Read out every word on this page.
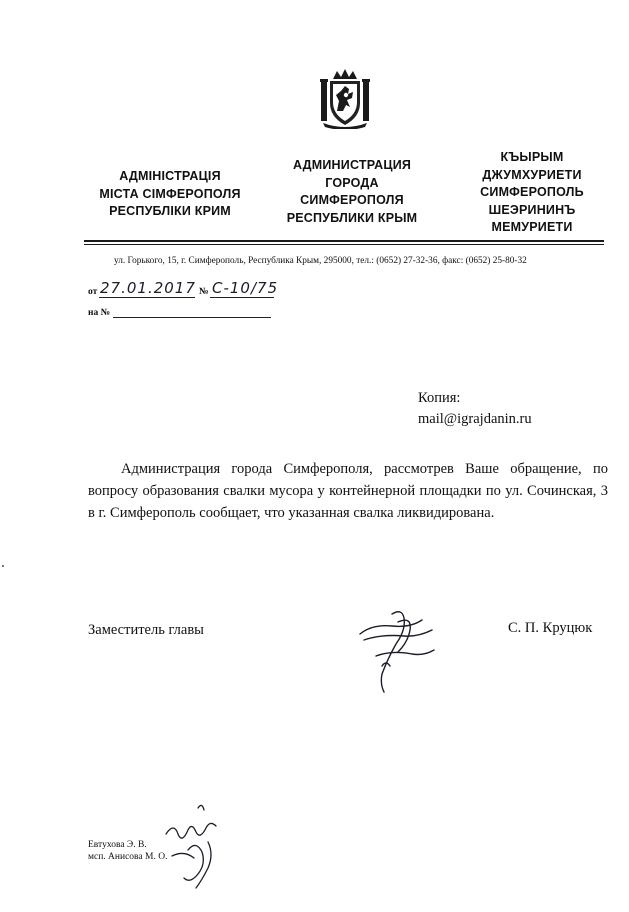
АДМІНІСТРАЦІЯ
МІСТА СІМФЕРОПОЛЯ
РЕСПУБЛІКИ КРИМ
АДМИНИСТРАЦИЯ
ГОРОДА
СИМФЕРОПОЛЯ
РЕСПУБЛИКИ КРЫМ
КЪЫРЫМ
ДЖУМХУРИЕТИ
СИМФЕРОПОЛЬ
ШЕЭРИНИНЪ
МЕМУРИЕТИ
ул. Горького, 15, г. Симферополь, Республика Крым, 295000, тел.: (0652) 27-32-36, факс: (0652) 25-80-32
от 27.01.2017 № С-10/75
на №
Копия:
mail@igrajdanin.ru
Администрация города Симферополя, рассмотрев Ваше обращение, по вопросу образования свалки мусора у контейнерной площадки по ул. Сочинская, 3 в г. Симферополь сообщает, что указанная свалка ликвидирована.
Заместитель главы	С. П. Круцюк
Евтухова Э. В.
мсп. Анисова М. О.
